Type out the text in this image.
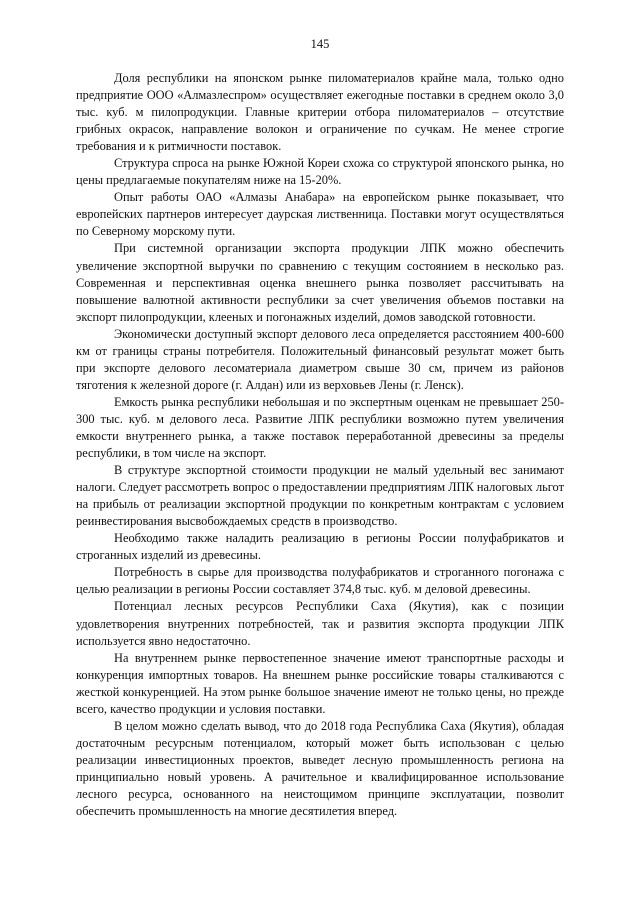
145

Доля республики на японском рынке пиломатериалов крайне мала, только одно предприятие ООО «Алмазлеспром» осуществляет ежегодные поставки в среднем около 3,0 тыс. куб. м пилопродукции. Главные критерии отбора пиломатериалов – отсутствие грибных окрасок, направление волокон и ограничение по сучкам. Не менее строгие требования и к ритмичности поставок.

Структура спроса на рынке Южной Кореи схожа со структурой японского рынка, но цены предлагаемые покупателям ниже на 15-20%.

Опыт работы ОАО «Алмазы Анабара» на европейском рынке показывает, что европейских партнеров интересует даурская лиственница. Поставки могут осуществляться по Северному морскому пути.

При системной организации экспорта продукции ЛПК можно обеспечить увеличение экспортной выручки по сравнению с текущим состоянием в несколько раз. Современная и перспективная оценка внешнего рынка позволяет рассчитывать на повышение валютной активности республики за счет увеличения объемов поставки на экспорт пилопродукции, клееных и погонажных изделий, домов заводской готовности.

Экономически доступный экспорт делового леса определяется расстоянием 400-600 км от границы страны потребителя. Положительный финансовый результат может быть при экспорте делового лесоматериала диаметром свыше 30 см, причем из районов тяготения к железной дороге (г. Алдан) или из верховьев Лены (г. Ленск).

Емкость рынка республики небольшая и по экспертным оценкам не превышает 250-300 тыс. куб. м делового леса. Развитие ЛПК республики возможно путем увеличения емкости внутреннего рынка, а также поставок переработанной древесины за пределы республики, в том числе на экспорт.

В структуре экспортной стоимости продукции не малый удельный вес занимают налоги. Следует рассмотреть вопрос о предоставлении предприятиям ЛПК налоговых льгот на прибыль от реализации экспортной продукции по конкретным контрактам с условием реинвестирования высвобождаемых средств в производство.

Необходимо также наладить реализацию в регионы России полуфабрикатов и строганных изделий из древесины.

Потребность в сырье для производства полуфабрикатов и строганного погонажа с целью реализации в регионы России составляет 374,8 тыс. куб. м деловой древесины.

Потенциал лесных ресурсов Республики Саха (Якутия), как с позиции удовлетворения внутренних потребностей, так и развития экспорта продукции ЛПК используется явно недостаточно.

На внутреннем рынке первостепенное значение имеют транспортные расходы и конкуренция импортных товаров. На внешнем рынке российские товары сталкиваются с жесткой конкуренцией. На этом рынке большое значение имеют не только цены, но прежде всего, качество продукции и условия поставки.

В целом можно сделать вывод, что до 2018 года Республика Саха (Якутия), обладая достаточным ресурсным потенциалом, который может быть использован с целью реализации инвестиционных проектов, выведет лесную промышленность региона на принципиально новый уровень. А рачительное и квалифицированное использование лесного ресурса, основанного на неистощимом принципе эксплуатации, позволит обеспечить промышленность на многие десятилетия вперед.
